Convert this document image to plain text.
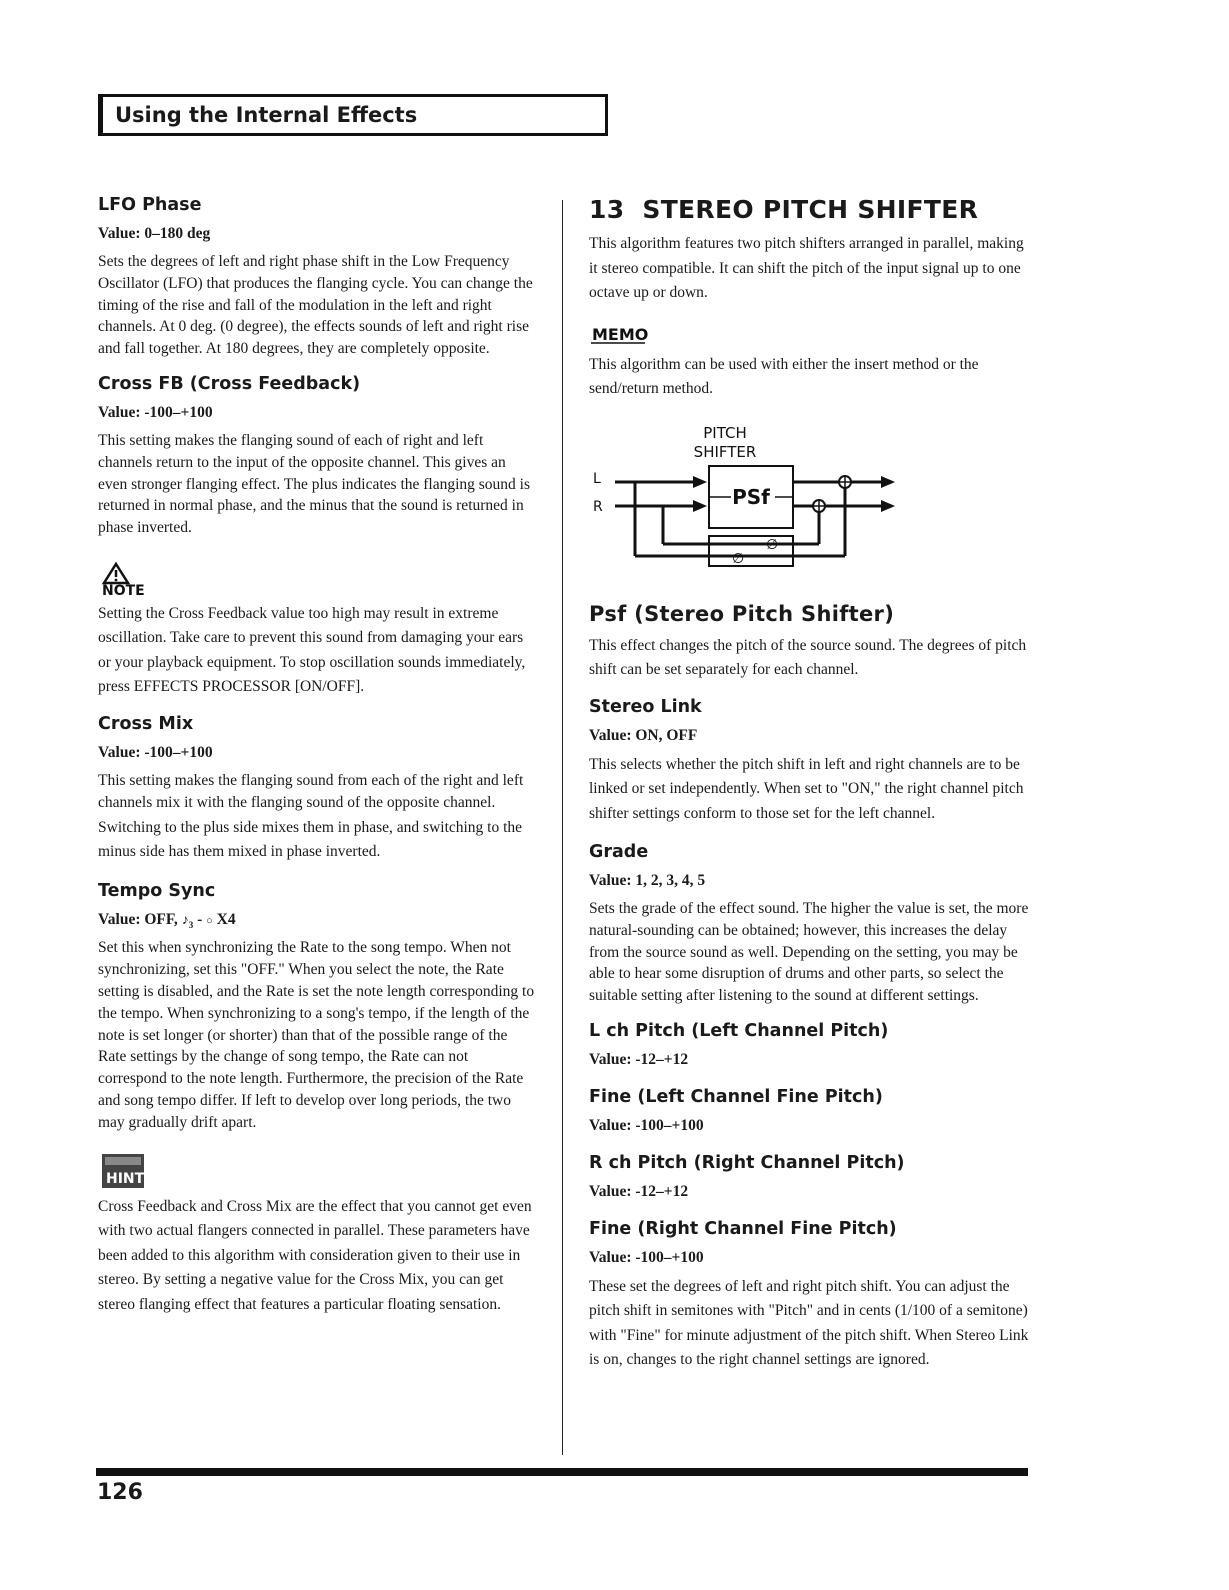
Using the Internal Effects
LFO Phase
Value: 0–180 deg

Sets the degrees of left and right phase shift in the Low Frequency Oscillator (LFO) that produces the flanging cycle. You can change the timing of the rise and fall of the modulation in the left and right channels. At 0 deg. (0 degree), the effects sounds of left and right rise and fall together. At 180 degrees, they are completely opposite.

Cross FB (Cross Feedback)
Value: -100–+100

This setting makes the flanging sound of each of right and left channels return to the input of the opposite channel. This gives an even stronger flanging effect. The plus indicates the flanging sound is returned in normal phase, and the minus that the sound is returned in phase inverted.

NOTE

Setting the Cross Feedback value too high may result in extreme oscillation. Take care to prevent this sound from damaging your ears or your playback equipment. To stop oscillation sounds immediately, press EFFECTS PROCESSOR [ON/OFF].

Cross Mix
Value: -100–+100

This setting makes the flanging sound from each of the right and left channels mix it with the flanging sound of the opposite channel.

Switching to the plus side mixes them in phase, and switching to the minus side has them mixed in phase inverted.

Tempo Sync
Value: OFF, $♪_3$ - ○ X4

Set this when synchronizing the Rate to the song tempo. When not synchronizing, set this "OFF." When you select the note, the Rate setting is disabled, and the Rate is set the note length corresponding to the tempo. When synchronizing to a song's tempo, if the length of the note is set longer (or shorter) than that of the possible range of the Rate settings by the change of song tempo, the Rate can not correspond to the note length. Furthermore, the precision of the Rate and song tempo differ. If left to develop over long periods, the two may gradually drift apart.

HINT

Cross Feedback and Cross Mix are the effect that you cannot get even with two actual flangers connected in parallel. These parameters have been added to this algorithm with consideration given to their use in stereo. By setting a negative value for the Cross Mix, you can get stereo flanging effect that features a particular floating sensation.

13  STEREO PITCH SHIFTER

This algorithm features two pitch shifters arranged in parallel, making it stereo compatible. It can shift the pitch of the input signal up to one octave up or down.

MEMO

This algorithm can be used with either the insert method or the send/return method.

Psf (Stereo Pitch Shifter)

This effect changes the pitch of the source sound. The degrees of pitch shift can be set separately for each channel.

Stereo Link
Value: ON, OFF

This selects whether the pitch shift in left and right channels are to be linked or set independently. When set to "ON," the right channel pitch shifter settings conform to those set for the left channel.

Grade
Value: 1, 2, 3, 4, 5

Sets the grade of the effect sound. The higher the value is set, the more natural-sounding can be obtained; however, this increases the delay from the source sound as well. Depending on the setting, you may be able to hear some disruption of drums and other parts, so select the suitable setting after listening to the sound at different settings.

L ch Pitch (Left Channel Pitch)
Value: -12–+12
Fine (Left Channel Fine Pitch)
Value: -100–+100
R ch Pitch (Right Channel Pitch)
Value: -12–+12
Fine (Right Channel Fine Pitch)
Value: -100–+100

These set the degrees of left and right pitch shift. You can adjust the pitch shift in semitones with "Pitch" and in cents (1/100 of a semitone) with "Fine" for minute adjustment of the pitch shift. When Stereo Link is on, changes to the right channel settings are ignored.

PITCH
SHIFTER
L
R	PSf
∅
∅
126
